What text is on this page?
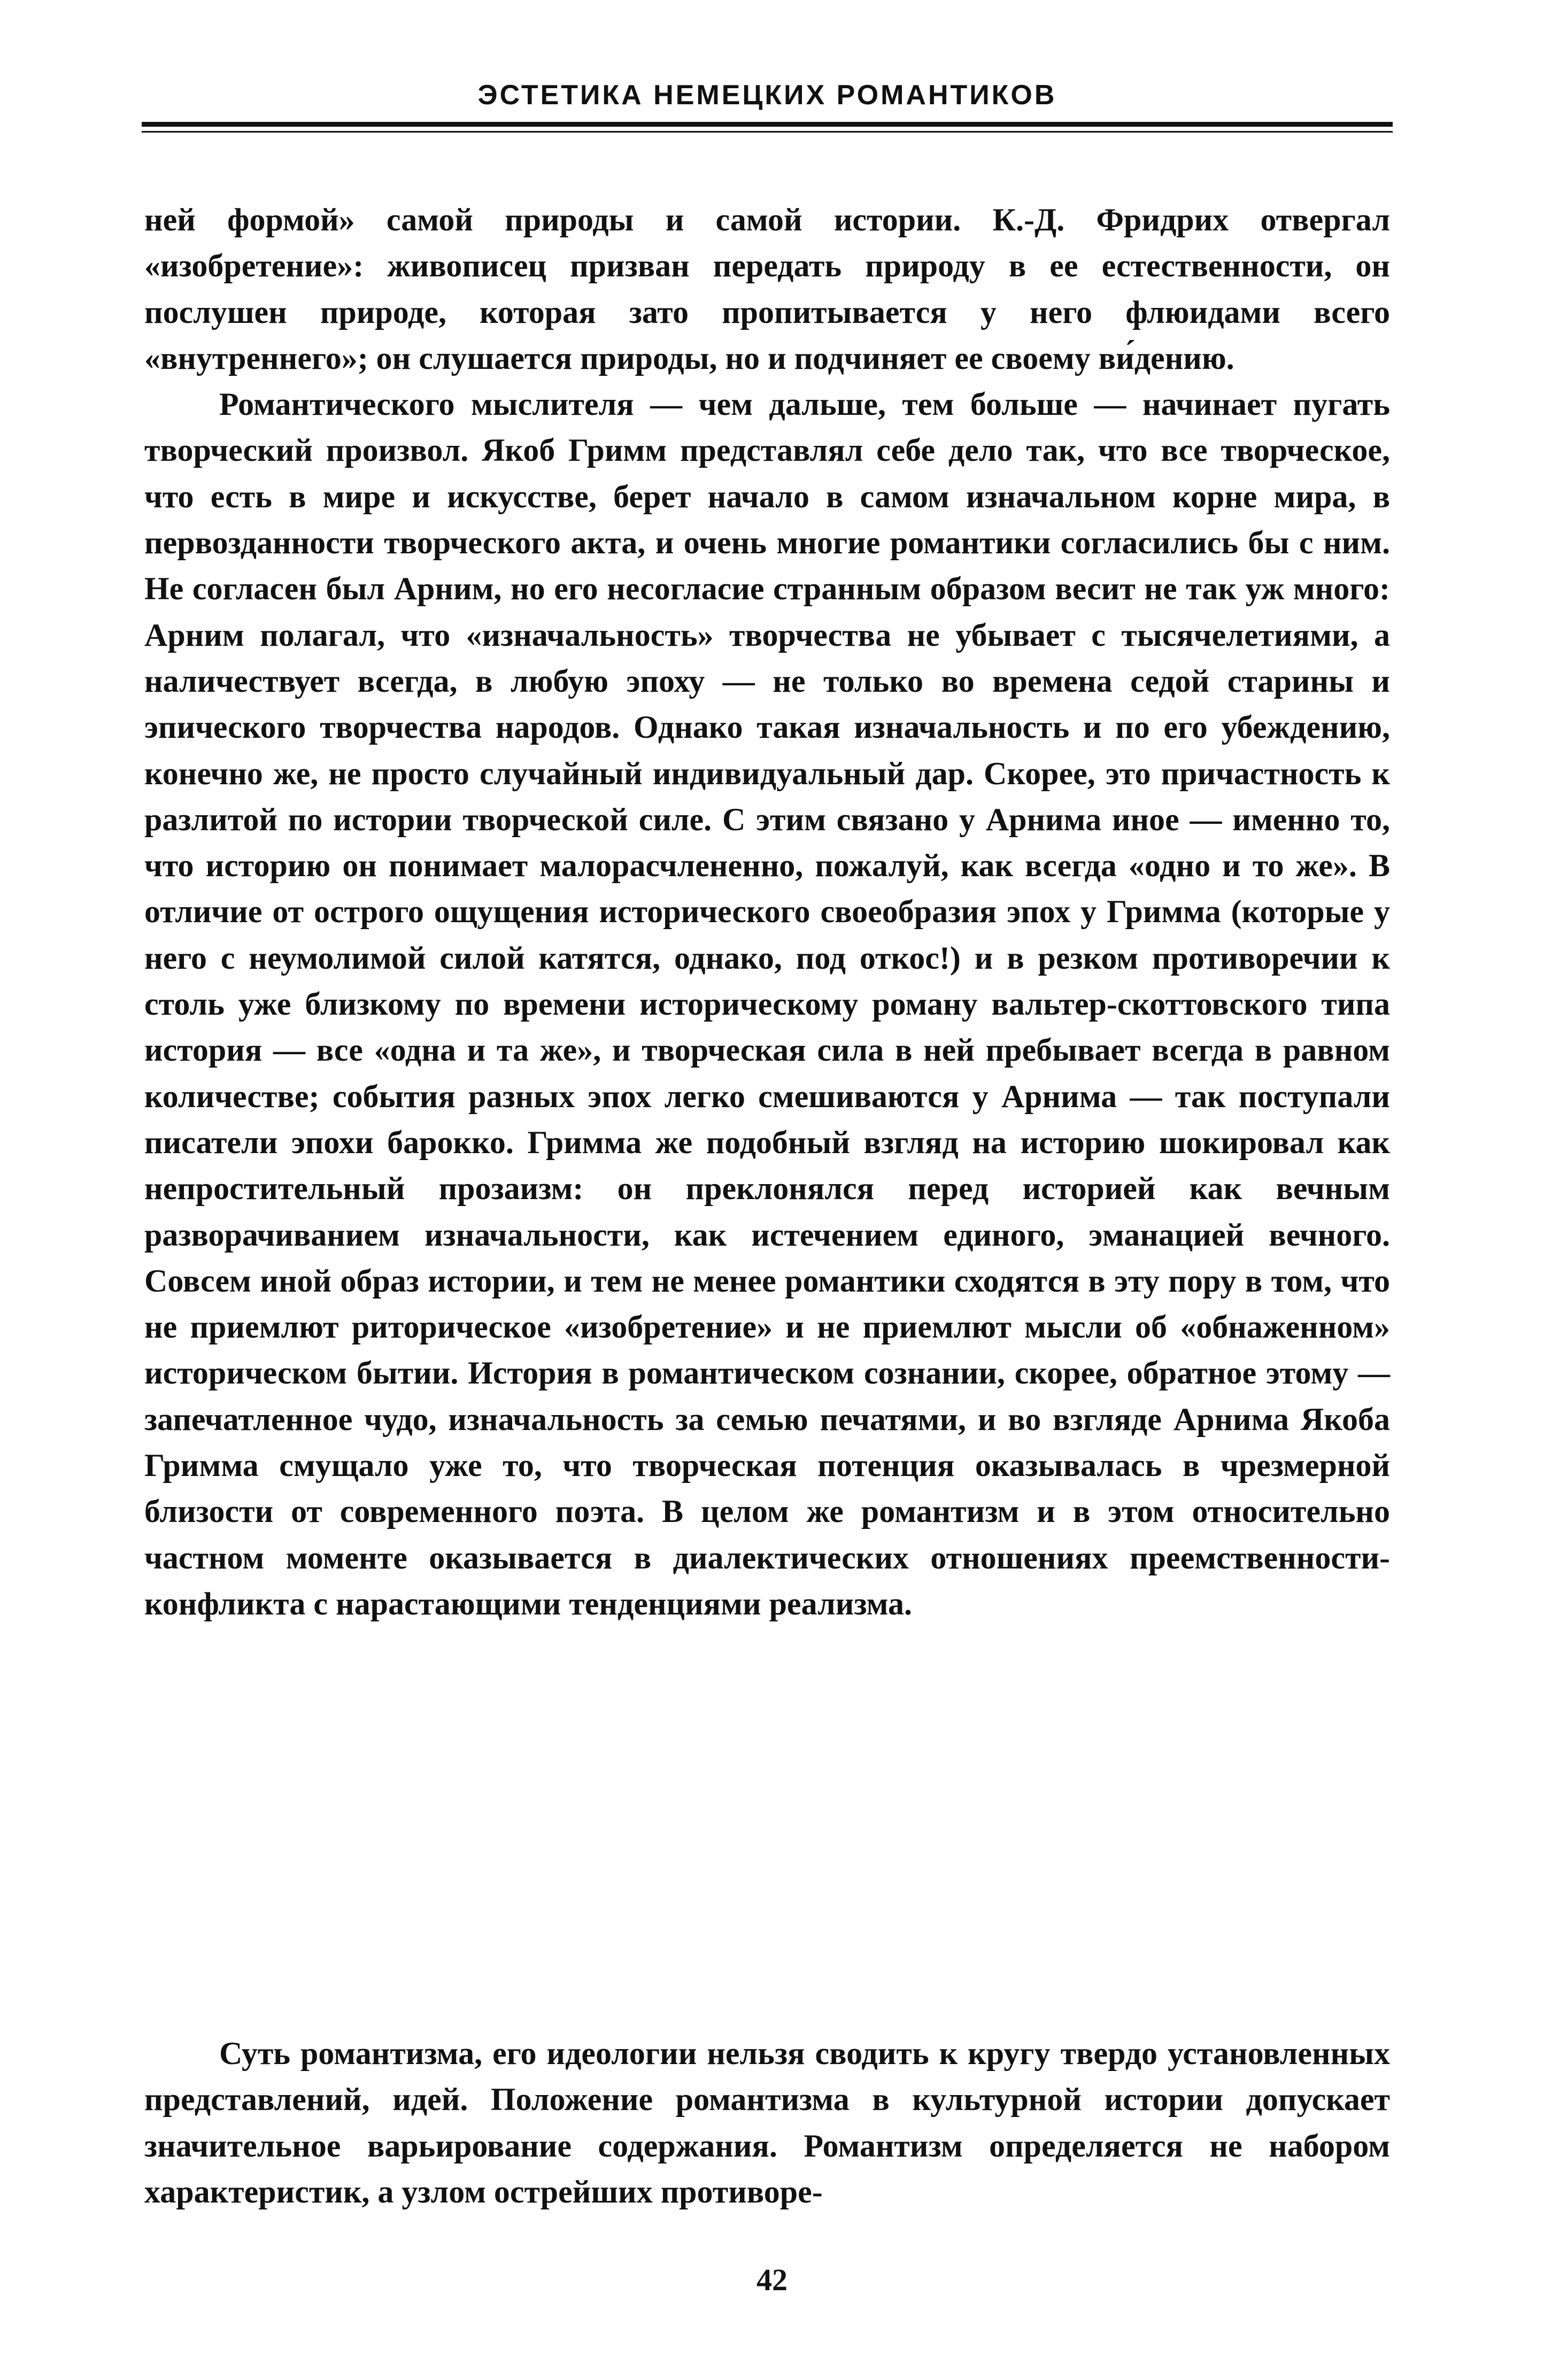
ЭСТЕТИКА НЕМЕЦКИХ РОМАНТИКОВ

ней формой» самой природы и самой истории. К.-Д. Фридрих отвергал «изобретение»: живописец призван передать природу в ее естественности, он послушен природе, которая зато пропитывается у него флюидами всего «внутреннего»; он слушается природы, но и подчиняет ее своему ви́дению.

Романтического мыслителя — чем дальше, тем больше — начинает пугать творческий произвол. Якоб Гримм представлял себе дело так, что все творческое, что есть в мире и искусстве, берет начало в самом изначальном корне мира, в первозданности творческого акта, и очень многие романтики согласились бы с ним. Не согласен был Арним, но его несогласие странным образом весит не так уж много: Арним полагал, что «изначальность» творчества не убывает с тысячелетиями, а наличествует всегда, в любую эпоху — не только во времена седой старины и эпического творчества народов. Однако такая изначальность и по его убеждению, конечно же, не просто случайный индивидуальный дар. Скорее, это причастность к разлитой по истории творческой силе. С этим связано у Арнима иное — именно то, что историю он понимает малорасчлененно, пожалуй, как всегда «одно и то же». В отличие от острого ощущения исторического своеобразия эпох у Гримма (которые у него с неумолимой силой катятся, однако, под откос!) и в резком противоречии к столь уже близкому по времени историческому роману вальтер-скоттовского типа история — все «одна и та же», и творческая сила в ней пребывает всегда в равном количестве; события разных эпох легко смешиваются у Арнима — так поступали писатели эпохи барокко. Гримма же подобный взгляд на историю шокировал как непростительный прозаизм: он преклонялся перед историей как вечным разворачиванием изначальности, как истечением единого, эманацией вечного. Совсем иной образ истории, и тем не менее романтики сходятся в эту пору в том, что не приемлют риторическое «изобретение» и не приемлют мысли об «обнаженном» историческом бытии. История в романтическом сознании, скорее, обратное этому — запечатленное чудо, изначальность за семью печатями, и во взгляде Арнима Якоба Гримма смущало уже то, что творческая потенция оказывалась в чрезмерной близости от современного поэта. В целом же романтизм и в этом относительно частном моменте оказывается в диалектических отношениях преемственности-конфликта с нарастающими тенденциями реализма.

Суть романтизма, его идеологии нельзя сводить к кругу твердо установленных представлений, идей. Положение романтизма в культурной истории допускает значительное варьирование содержания. Романтизм определяется не набором характеристик, а узлом острейших противоре-

42
